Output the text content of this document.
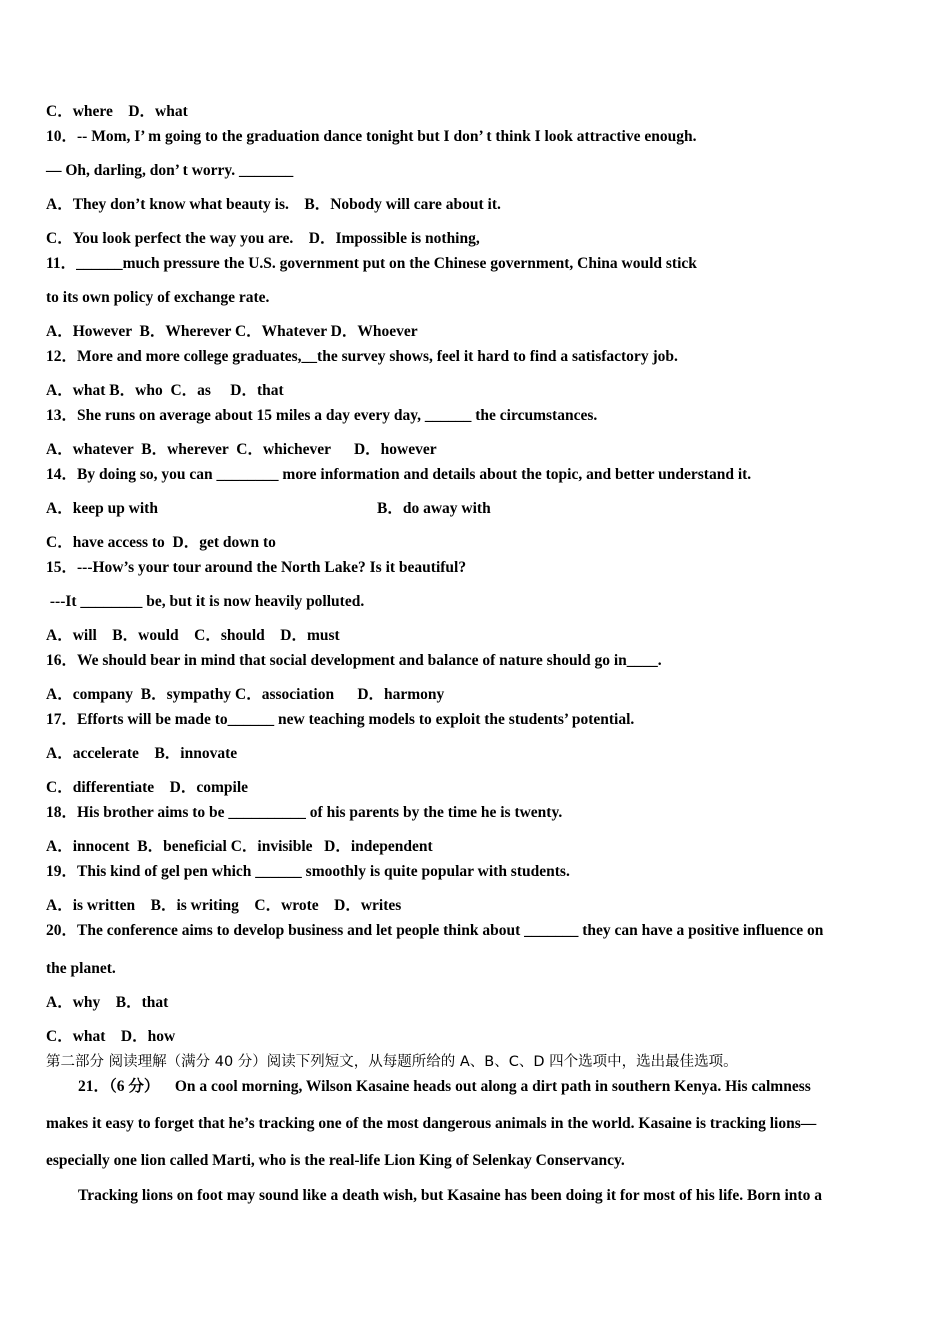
C．where    D．what
10．-- Mom, I’ m going to the graduation dance tonight but I don’ t think I look attractive enough.
— Oh, darling, don’ t worry. _______
A．They don’t know what beauty is.    B．Nobody will care about it.
C．You look perfect the way you are.    D．Impossible is nothing,
11．______much pressure the U.S. government put on the Chinese government, China would stick
to its own policy of exchange rate.
A．However  B．Wherever C．Whatever D．Whoever
12．More and more college graduates,__the survey shows, feel it hard to find a satisfactory job.
A．what B．who  C．as     D．that
13．She runs on average about 15 miles a day every day, ______ the circumstances.
A．whatever  B．wherever  C．whichever      D．however
14．By doing so, you can ________ more information and details about the topic, and better understand it.
A．keep up with	B．do away with
C．have access to  D．get down to
15．---How’s your tour around the North Lake? Is it beautiful?
---It ________ be, but it is now heavily polluted.
A．will    B．would    C．should    D．must
16．We should bear in mind that social development and balance of nature should go in____.
A．company  B．sympathy C．association      D．harmony
17．Efforts will be made to______ new teaching models to exploit the students’ potential.
A．accelerate    B．innovate
C．differentiate    D．compile
18．His brother aims to be __________ of his parents by the time he is twenty.
A．innocent  B．beneficial C．invisible   D．independent
19．This kind of gel pen which ______ smoothly is quite popular with students.
A．is written    B．is writing    C．wrote    D．writes
20．The conference aims to develop business and let people think about _______ they can have a positive influence on
the planet.
A．why    B．that
C．what    D．how
第二部分 阅读理解（满分 40 分）阅读下列短文，从每题所给的 A、B、C、D 四个选项中，选出最佳选项。
21．（6 分）    On a cool morning, Wilson Kasaine heads out along a dirt path in southern Kenya. His calmness
makes it easy to forget that he’s tracking one of the most dangerous animals in the world. Kasaine is tracking lions—
especially one lion called Marti, who is the real-life Lion King of Selenkay Conservancy.
Tracking lions on foot may sound like a death wish, but Kasaine has been doing it for most of his life. Born into a
